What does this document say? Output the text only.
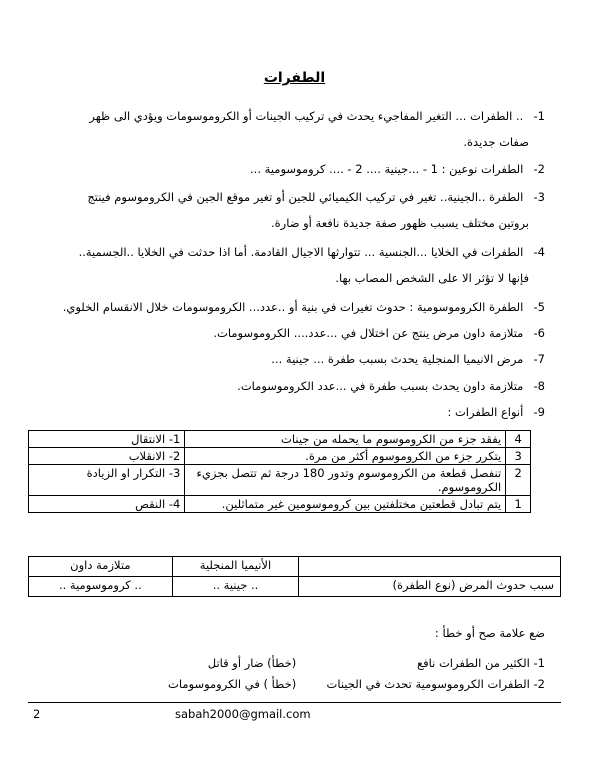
الطفرات
1- .. الطفرات ... التغير المفاجيء يحدث في تركيب الجينات أو الكروموسومات ويؤدي الى ظهر
صفات جديدة.
2- الطفرات نوعين : 1 - ...جينية .... 2 - .... كروموسومية ...
3- الطفرة ..الجينية.. تغير في تركيب الكيميائي للجين أو تغير موقع الجين في الكروموسوم فينتج
بروتين مختلف يسبب ظهور صفة جديدة نافعة أو ضارة.
4- الطفرات في الخلايا ...الجنسية ... تتوارثها الاجيال القادمة. أما اذا حدثت في الخلايا ..الجسمية..
فإنها لا تؤثر الا على الشخص المصاب بها.
5- الطفرة الكروموسومية : حدوث تغيرات في بنية أو ..عدد... الكروموسومات خلال الانقسام الخلوي.
6- متلازمة داون مرض ينتج عن اختلال في ...عدد.... الكروموسومات.
7- مرض الانيميا المنجلية يحدث بسبب طفرة ... جينية ...
8- متلازمة داون يحدث بسبب طفرة في ...عدد الكروموسومات.
9- أنواع الطفرات :
4	يفقد جزء من الكروموسوم ما يحمله من جينات	1- الانتقال
3	يتكرر جزء من الكروموسوم أكثر من مرة.	2- الانقلاب
2	تنفصل قطعة من الكروموسوم وتدور 180 درجة ثم تتصل بجزيء الكروموسوم.	3- التكرار او الزيادة
1	يتم تبادل قطعتين مختلفتين بين كروموسومين غير متماثلين.	4- النقص
	الأنيميا المنجلية	متلازمة داون
سبب حدوث المرض (نوع الطفرة)	.. جينية ..	.. كروموسومية ..
ضع علامة صح أو خطأ :
1- الكثير من الطفرات نافع (خطأ) ضار أو قاتل
2- الطفرات الكروموسومية تحدث في الجينات (خطأ ) في الكروموسومات
2	sabah2000@gmail.com
